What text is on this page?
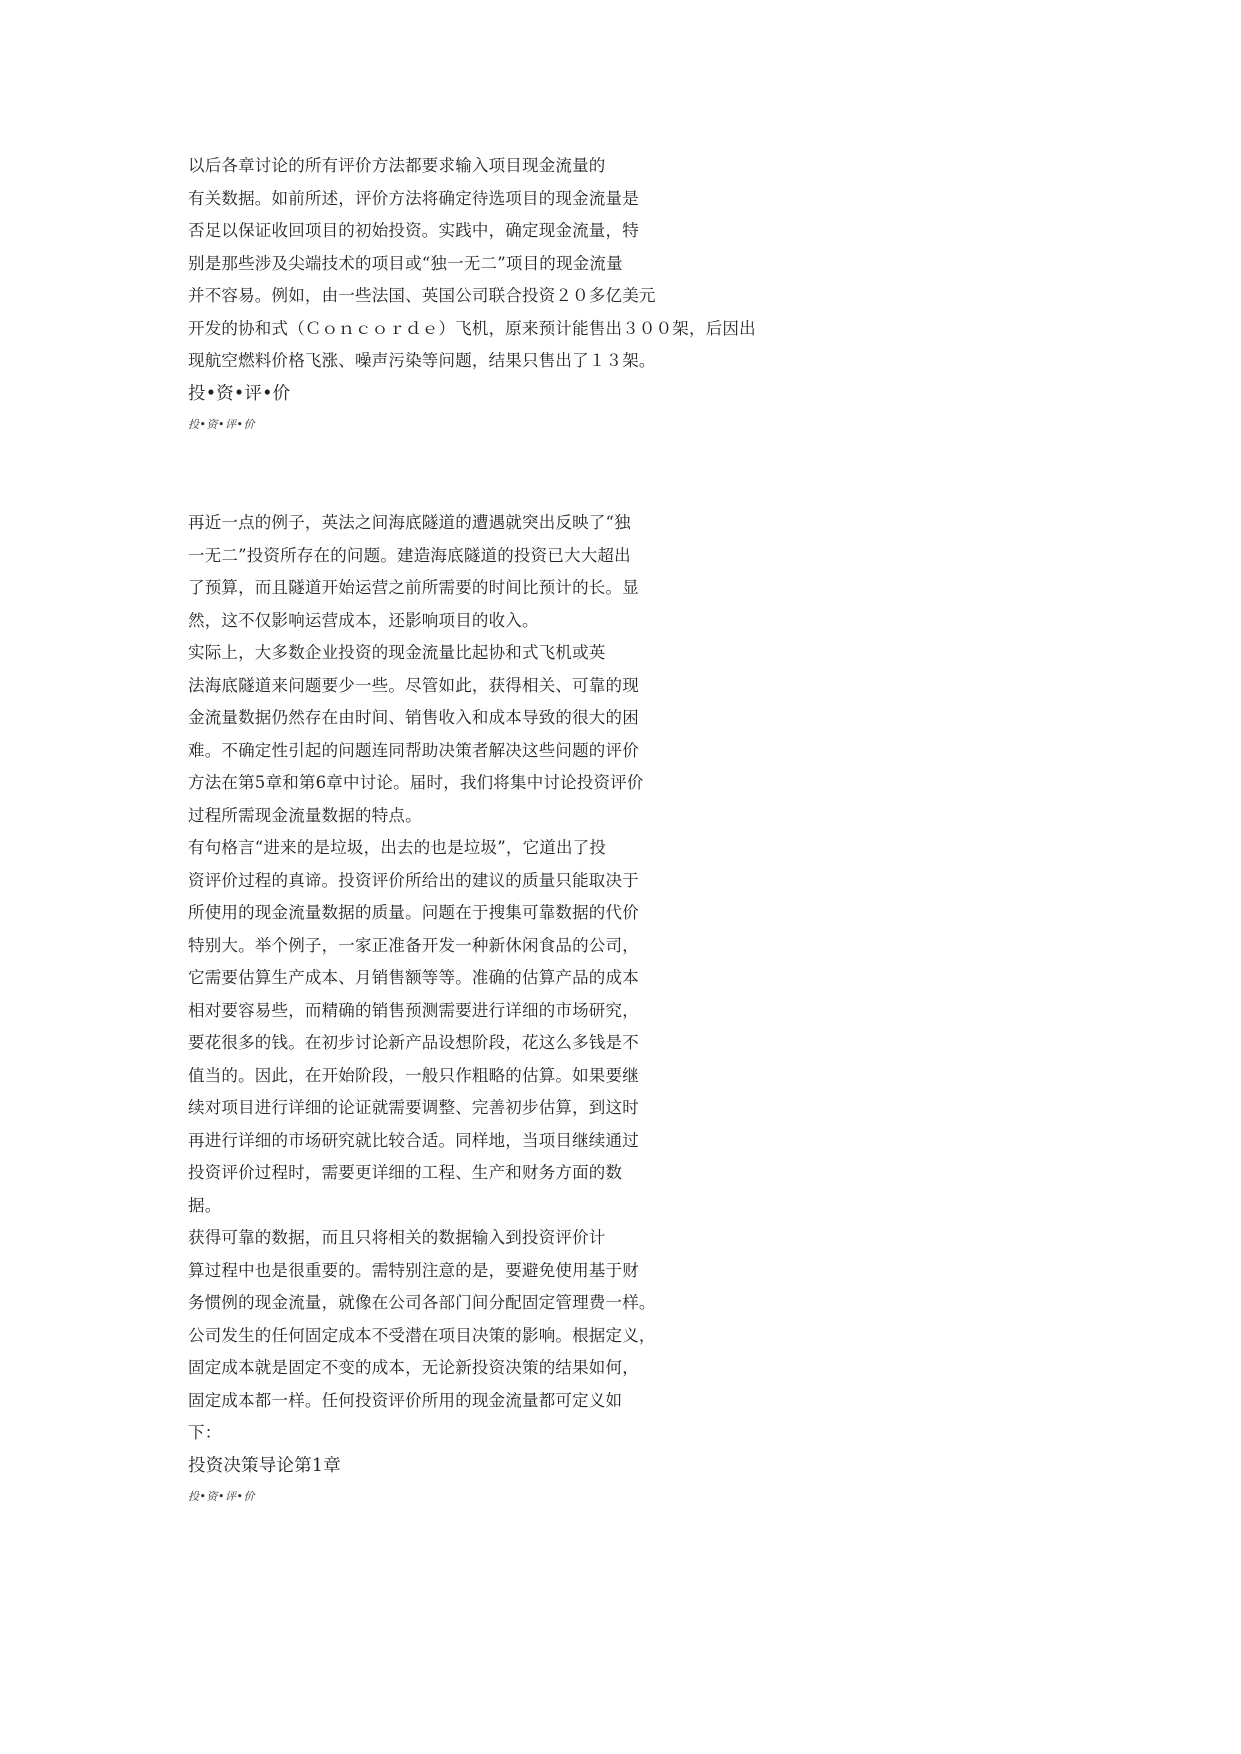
以后各章讨论的所有评价方法都要求输入项目现金流量的
有关数据。如前所述，评价方法将确定待选项目的现金流量是
否足以保证收回项目的初始投资。实践中，确定现金流量，特
别是那些涉及尖端技术的项目或“独一无二”项目的现金流量
并不容易。例如，由一些法国、英国公司联合投资２０多亿美元
开发的协和式（Ｃｏｎｃｏｒｄｅ）飞机，原来预计能售出３００架，后因出
现航空燃料价格飞涨、噪声污染等问题，结果只售出了１３架。
投•资•评•价
投•资•评•价
再近一点的例子，英法之间海底隧道的遭遇就突出反映了“独
一无二”投资所存在的问题。建造海底隧道的投资已大大超出
了预算，而且隧道开始运营之前所需要的时间比预计的长。显
然，这不仅影响运营成本，还影响项目的收入。
实际上，大多数企业投资的现金流量比起协和式飞机或英
法海底隧道来问题要少一些。尽管如此，获得相关、可靠的现
金流量数据仍然存在由时间、销售收入和成本导致的很大的困
难。不确定性引起的问题连同帮助决策者解决这些问题的评价
方法在第5章和第6章中讨论。届时，我们将集中讨论投资评价
过程所需现金流量数据的特点。
有句格言“进来的是垃圾，出去的也是垃圾”，它道出了投
资评价过程的真谛。投资评价所给出的建议的质量只能取决于
所使用的现金流量数据的质量。问题在于搜集可靠数据的代价
特别大。举个例子，一家正准备开发一种新休闲食品的公司，
它需要估算生产成本、月销售额等等。准确的估算产品的成本
相对要容易些，而精确的销售预测需要进行详细的市场研究，
要花很多的钱。在初步讨论新产品设想阶段，花这么多钱是不
值当的。因此，在开始阶段，一般只作粗略的估算。如果要继
续对项目进行详细的论证就需要调整、完善初步估算，到这时
再进行详细的市场研究就比较合适。同样地，当项目继续通过
投资评价过程时，需要更详细的工程、生产和财务方面的数
据。
获得可靠的数据，而且只将相关的数据输入到投资评价计
算过程中也是很重要的。需特别注意的是，要避免使用基于财
务惯例的现金流量，就像在公司各部门间分配固定管理费一样。
公司发生的任何固定成本不受潜在项目决策的影响。根据定义，
固定成本就是固定不变的成本，无论新投资决策的结果如何，
固定成本都一样。任何投资评价所用的现金流量都可定义如
下：
投资决策导论第1章
投•资•评•价
